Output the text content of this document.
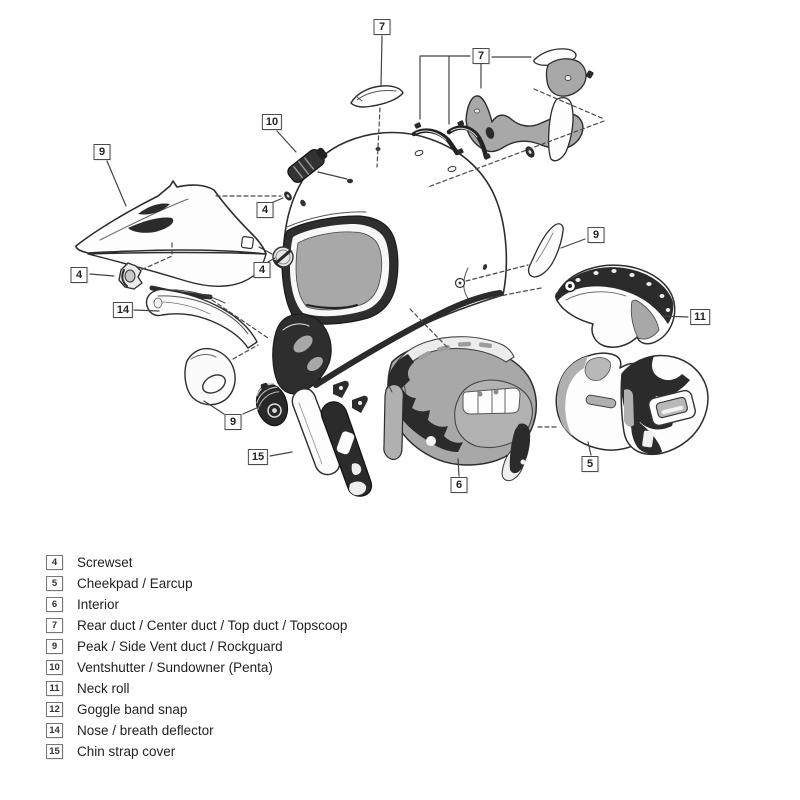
7
7
10
9
4
9
4
4
14
11
9
15
5
6
4	Screwset
5	Cheekpad / Earcup
6	Interior
7	Rear duct / Center duct / Top duct / Topscoop
9	Peak / Side Vent duct / Rockguard
10 Ventshutter / Sundowner (Penta)
11 Neck roll
12 Goggle band snap
14 Nose / breath deflector
15 Chin strap cover
